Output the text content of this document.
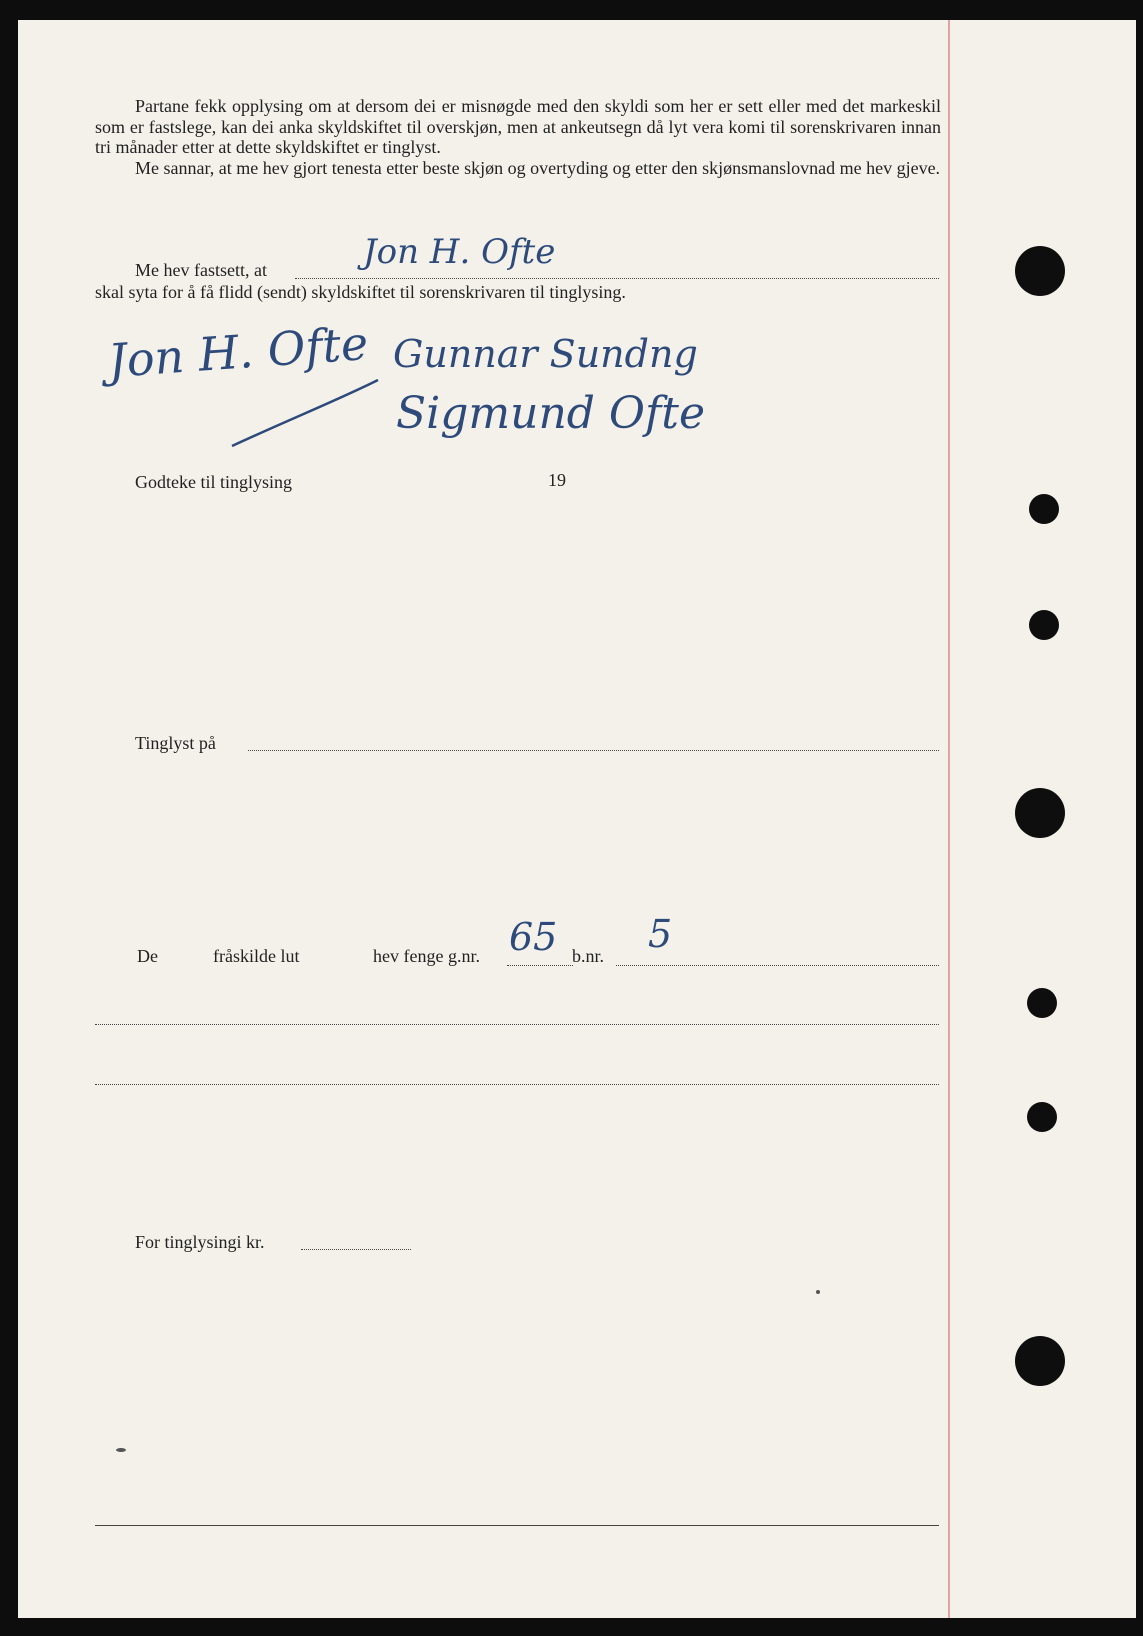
Partane fekk opplysing om at dersom dei er misnøgde med den skyldi som her er sett eller med det markeskil som er fastslege, kan dei anka skyldskiftet til overskjøn, men at ankeutsegn då lyt vera komi til sorenskrivaren innan tri månader etter at dette skyldskiftet er tinglyst.

Me sannar, at me hev gjort tenesta etter beste skjøn og overtyding og etter den skjønsmanslovnad me hev gjeve.

Me hev fastsett, at	Jon H. Ofte
skal syta for å få flidd (sendt) skyldskiftet til sorenskrivaren til tinglysing.
Jon H. Ofte Gunnar Sundng
Sigmund Ofte
Godteke til tinglysing	19
Tinglyst på
De	fråskilde lut	hev fenge g.nr. 65 b.nr. 5
For tinglysingi kr.
